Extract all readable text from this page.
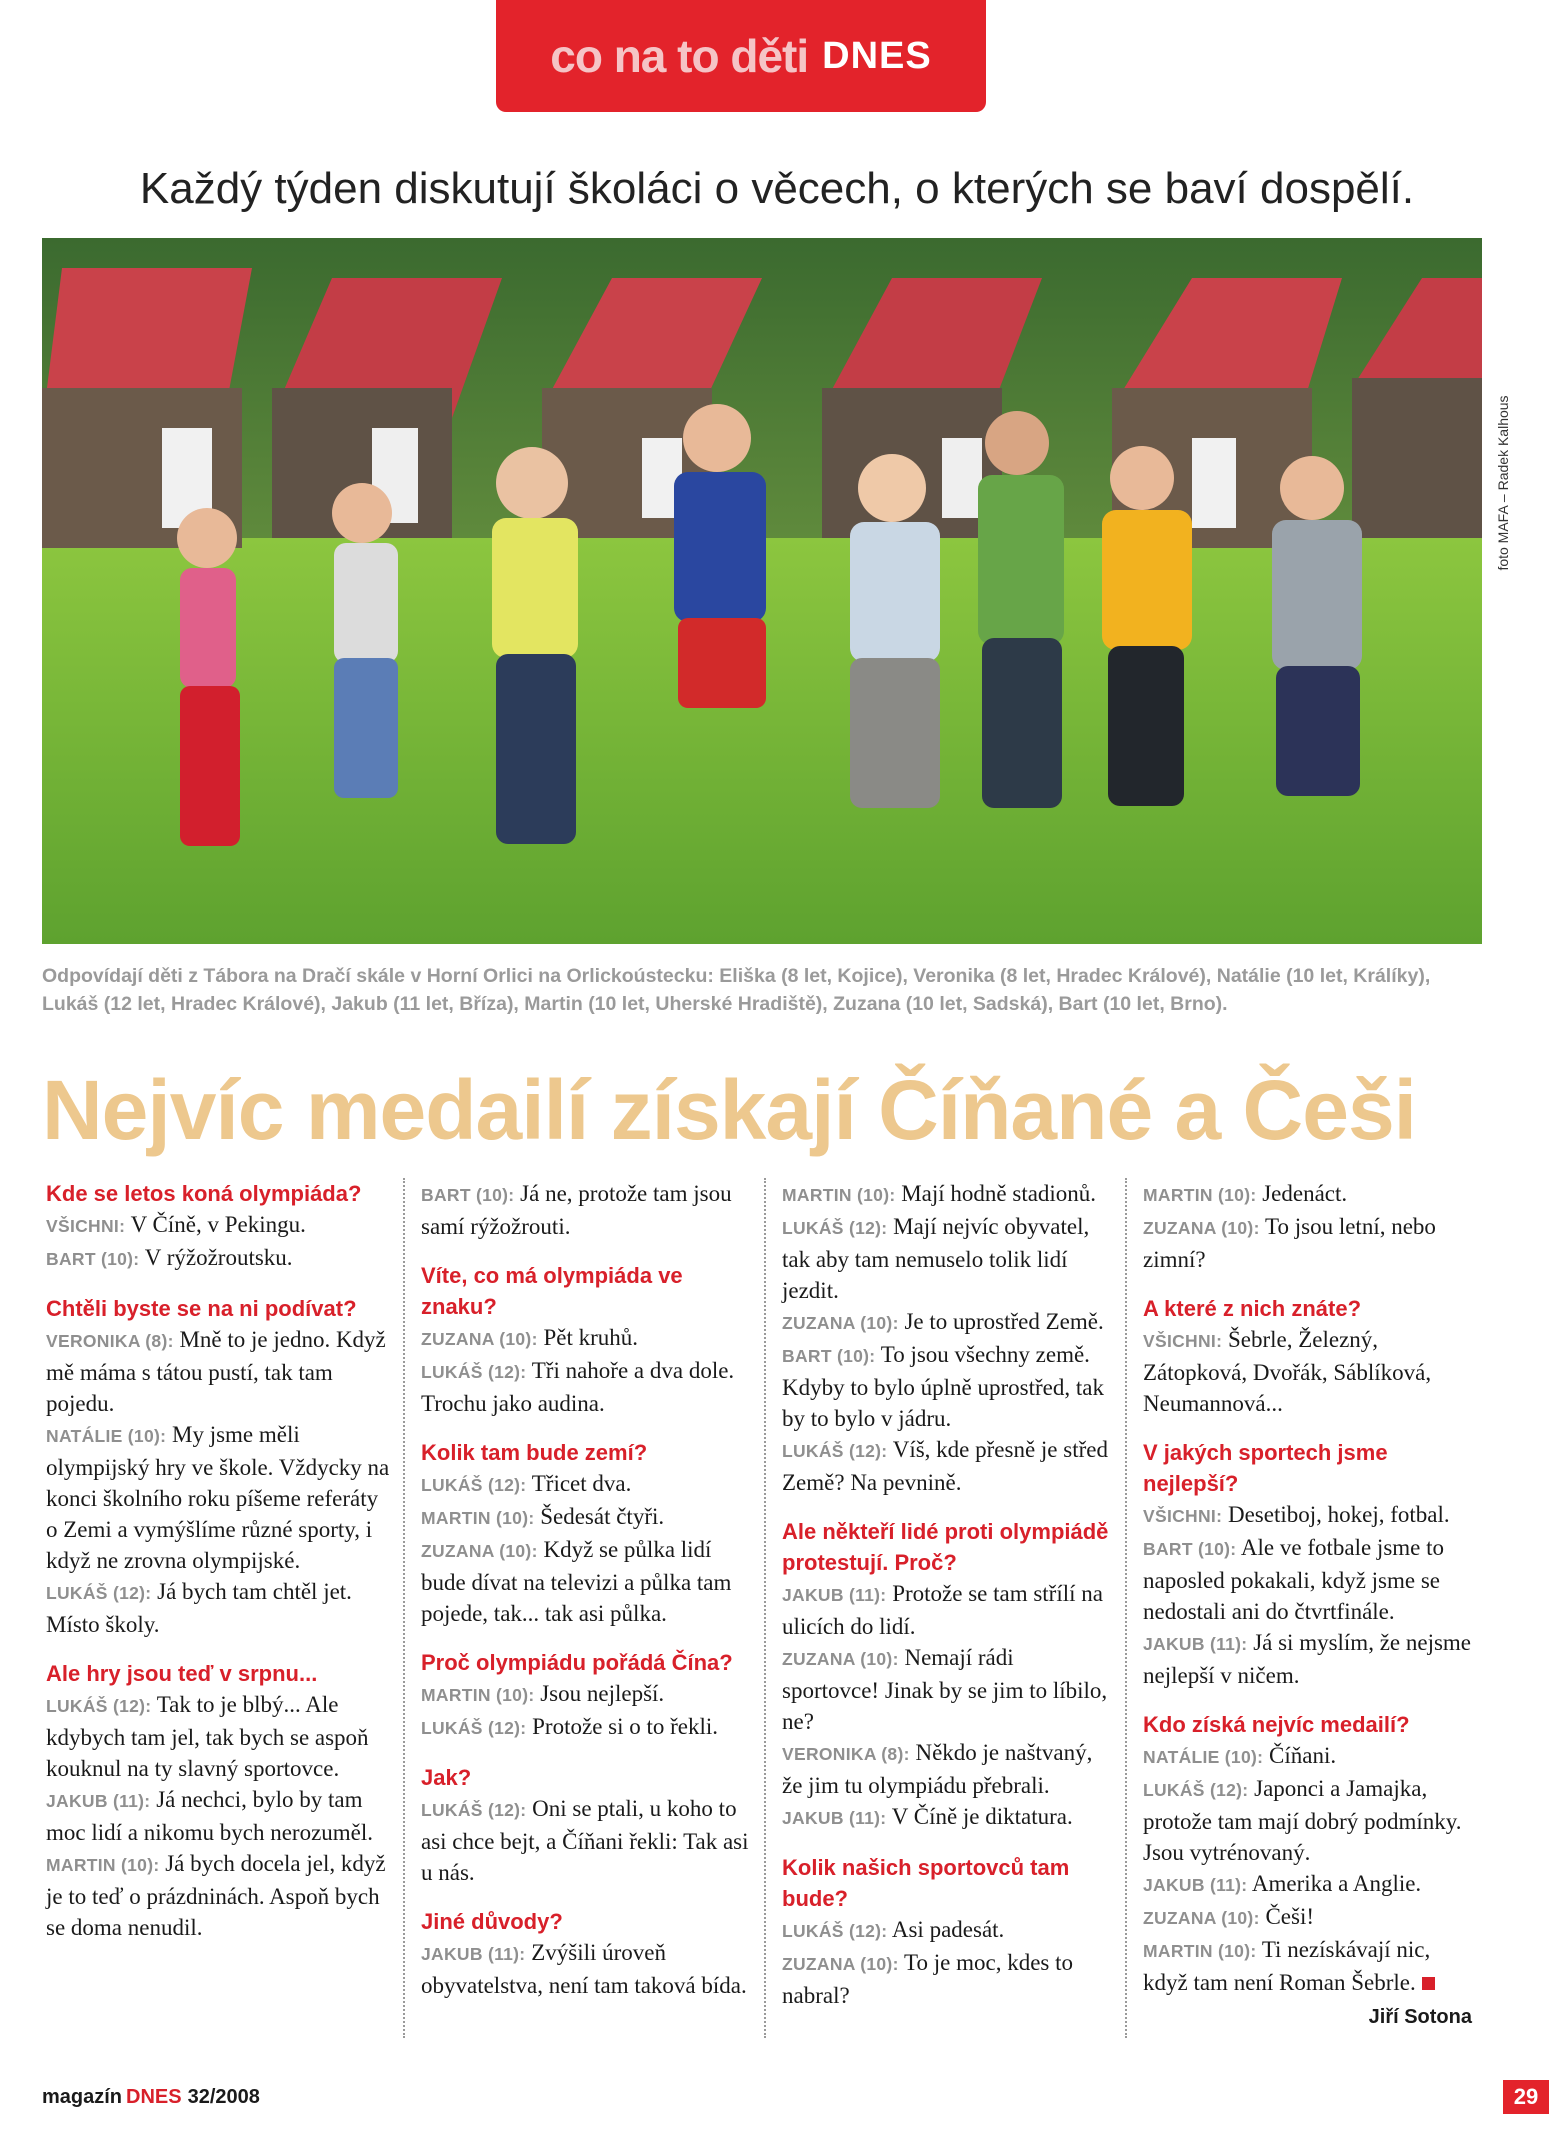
co na to děti DNES
Každý týden diskutují školáci o věcech, o kterých se baví dospělí.
foto MAFA – Radek Kalhous
Odpovídají děti z Tábora na Dračí skále v Horní Orlici na Orlickoústecku: Eliška (8 let, Kojice), Veronika (8 let, Hradec Králové), Natálie (10 let, Králíky), Lukáš (12 let, Hradec Králové), Jakub (11 let, Bříza), Martin (10 let, Uherské Hradiště), Zuzana (10 let, Sadská), Bart (10 let, Brno).
Nejvíc medailí získají Číňané a Češi
Kde se letos koná olympiáda?
VŠICHNI: V Číně, v Pekingu.
BART (10): V rýžožroutsku.
Chtěli byste se na ni podívat?
VERONIKA (8): Mně to je jedno. Když mě máma s tátou pustí, tak tam pojedu.
NATÁLIE (10): My jsme měli olympijský hry ve škole. Vždycky na konci školního roku píšeme referáty o Zemi a vymýšlíme různé sporty, i když ne zrovna olympijské.
LUKÁŠ (12): Já bych tam chtěl jet. Místo školy.
Ale hry jsou teď v srpnu...
LUKÁŠ (12): Tak to je blbý... Ale kdybych tam jel, tak bych se aspoň kouknul na ty slavný sportovce.
JAKUB (11): Já nechci, bylo by tam moc lidí a nikomu bych nerozuměl.
MARTIN (10): Já bych docela jel, když je to teď o prázdninách. Aspoň bych se doma nenudil.
BART (10): Já ne, protože tam jsou samí rýžožrouti.
Víte, co má olympiáda ve znaku?
ZUZANA (10): Pět kruhů.
LUKÁŠ (12): Tři nahoře a dva dole. Trochu jako audina.
Kolik tam bude zemí?
LUKÁŠ (12): Třicet dva.
MARTIN (10): Šedesát čtyři.
ZUZANA (10): Když se půlka lidí bude dívat na televizi a půlka tam pojede, tak... tak asi půlka.
Proč olympiádu pořádá Čína?
MARTIN (10): Jsou nejlepší.
LUKÁŠ (12): Protože si o to řekli.
Jak?
LUKÁŠ (12): Oni se ptali, u koho to asi chce bejt, a Číňani řekli: Tak asi u nás.
Jiné důvody?
JAKUB (11): Zvýšili úroveň obyvatelstva, není tam taková bída.
MARTIN (10): Mají hodně stadionů.
LUKÁŠ (12): Mají nejvíc obyvatel, tak aby tam nemuselo tolik lidí jezdit.
ZUZANA (10): Je to uprostřed Země.
BART (10): To jsou všechny země. Kdyby to bylo úplně uprostřed, tak by to bylo v jádru.
LUKÁŠ (12): Víš, kde přesně je střed Země? Na pevnině.
Ale někteří lidé proti olympiádě protestují. Proč?
JAKUB (11): Protože se tam střílí na ulicích do lidí.
ZUZANA (10): Nemají rádi sportovce! Jinak by se jim to líbilo, ne?
VERONIKA (8): Někdo je naštvaný, že jim tu olympiádu přebrali.
JAKUB (11): V Číně je diktatura.
Kolik našich sportovců tam bude?
LUKÁŠ (12): Asi padesát.
ZUZANA (10): To je moc, kdes to nabral?
MARTIN (10): Jedenáct.
ZUZANA (10): To jsou letní, nebo zimní?
A které z nich znáte?
VŠICHNI: Šebrle, Železný, Zátopková, Dvořák, Sáblíková, Neumannová...
V jakých sportech jsme nejlepší?
VŠICHNI: Desetiboj, hokej, fotbal.
BART (10): Ale ve fotbale jsme to naposled pokakali, když jsme se nedostali ani do čtvrtfinále.
JAKUB (11): Já si myslím, že nejsme nejlepší v ničem.
Kdo získá nejvíc medailí?
NATÁLIE (10): Číňani.
LUKÁŠ (12): Japonci a Jamajka, protože tam mají dobrý podmínky. Jsou vytrénovaný.
JAKUB (11): Amerika a Anglie.
ZUZANA (10): Češi!
MARTIN (10): Ti nezískávají nic, když tam není Roman Šebrle.
Jiří Sotona
magazín DNES 32/2008	29
